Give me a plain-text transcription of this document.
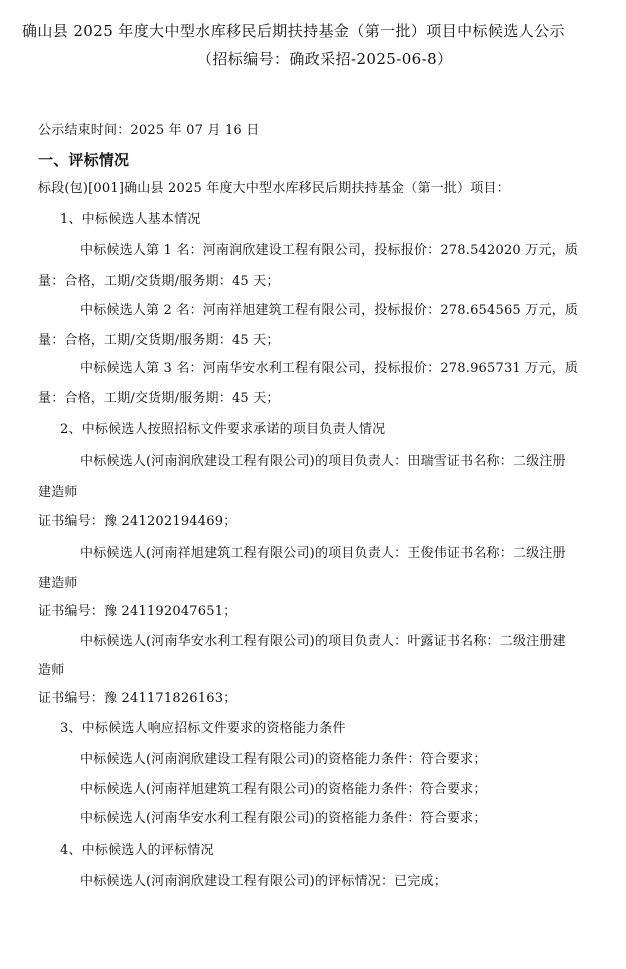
确山县 2025 年度大中型水库移民后期扶持基金（第一批）项目中标候选人公示
（招标编号：确政采招-2025-06-8）
公示结束时间：2025 年 07 月 16 日
一、评标情况
标段(包)[001]确山县 2025 年度大中型水库移民后期扶持基金（第一批）项目：
1、中标候选人基本情况
中标候选人第 1 名：河南润欣建设工程有限公司，投标报价：278.542020 万元，质
量：合格，工期/交货期/服务期：45 天；
中标候选人第 2 名：河南祥旭建筑工程有限公司，投标报价：278.654565 万元，质
量：合格，工期/交货期/服务期：45 天；
中标候选人第 3 名：河南华安水利工程有限公司，投标报价：278.965731 万元，质
量：合格，工期/交货期/服务期：45 天；
2、中标候选人按照招标文件要求承诺的项目负责人情况
中标候选人(河南润欣建设工程有限公司)的项目负责人：田瑞雪证书名称：二级注册
建造师
证书编号：豫 241202194469；
中标候选人(河南祥旭建筑工程有限公司)的项目负责人：王俊伟证书名称：二级注册
建造师
证书编号：豫 241192047651；
中标候选人(河南华安水利工程有限公司)的项目负责人：叶露证书名称：二级注册建
造师
证书编号：豫 241171826163；
3、中标候选人响应招标文件要求的资格能力条件
中标候选人(河南润欣建设工程有限公司)的资格能力条件：符合要求；
中标候选人(河南祥旭建筑工程有限公司)的资格能力条件：符合要求；
中标候选人(河南华安水利工程有限公司)的资格能力条件：符合要求；
4、中标候选人的评标情况
中标候选人(河南润欣建设工程有限公司)的评标情况：已完成；
